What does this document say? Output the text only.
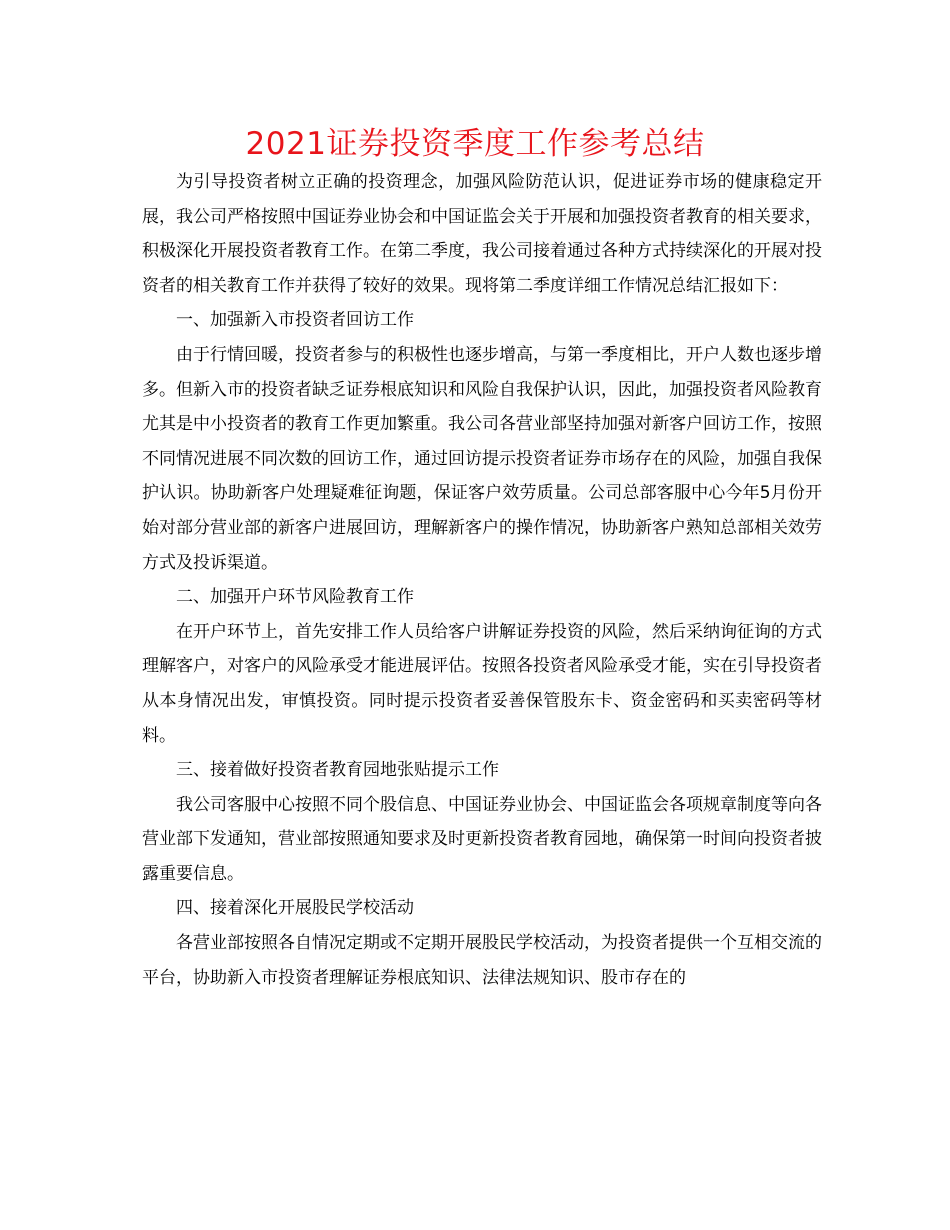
2021证券投资季度工作参考总结

为引导投资者树立正确的投资理念，加强风险防范认识，促进证券市场的健康稳定开展，我公司严格按照中国证券业协会和中国证监会关于开展和加强投资者教育的相关要求，积极深化开展投资者教育工作。在第二季度，我公司接着通过各种方式持续深化的开展对投资者的相关教育工作并获得了较好的效果。现将第二季度详细工作情况总结汇报如下：

一、加强新入市投资者回访工作

由于行情回暖，投资者参与的积极性也逐步增高，与第一季度相比，开户人数也逐步增多。但新入市的投资者缺乏证券根底知识和风险自我保护认识，因此，加强投资者风险教育尤其是中小投资者的教育工作更加繁重。我公司各营业部坚持加强对新客户回访工作，按照不同情况进展不同次数的回访工作，通过回访提示投资者证券市场存在的风险，加强自我保护认识。协助新客户处理疑难征询题，保证客户效劳质量。公司总部客服中心今年5月份开始对部分营业部的新客户进展回访，理解新客户的操作情况，协助新客户熟知总部相关效劳方式及投诉渠道。

二、加强开户环节风险教育工作

在开户环节上，首先安排工作人员给客户讲解证券投资的风险，然后采纳询征询的方式理解客户，对客户的风险承受才能进展评估。按照各投资者风险承受才能，实在引导投资者从本身情况出发，审慎投资。同时提示投资者妥善保管股东卡、资金密码和买卖密码等材料。

三、接着做好投资者教育园地张贴提示工作

我公司客服中心按照不同个股信息、中国证券业协会、中国证监会各项规章制度等向各营业部下发通知，营业部按照通知要求及时更新投资者教育园地，确保第一时间向投资者披露重要信息。

四、接着深化开展股民学校活动

各营业部按照各自情况定期或不定期开展股民学校活动，为投资者提供一个互相交流的平台，协助新入市投资者理解证券根底知识、法律法规知识、股市存在的
